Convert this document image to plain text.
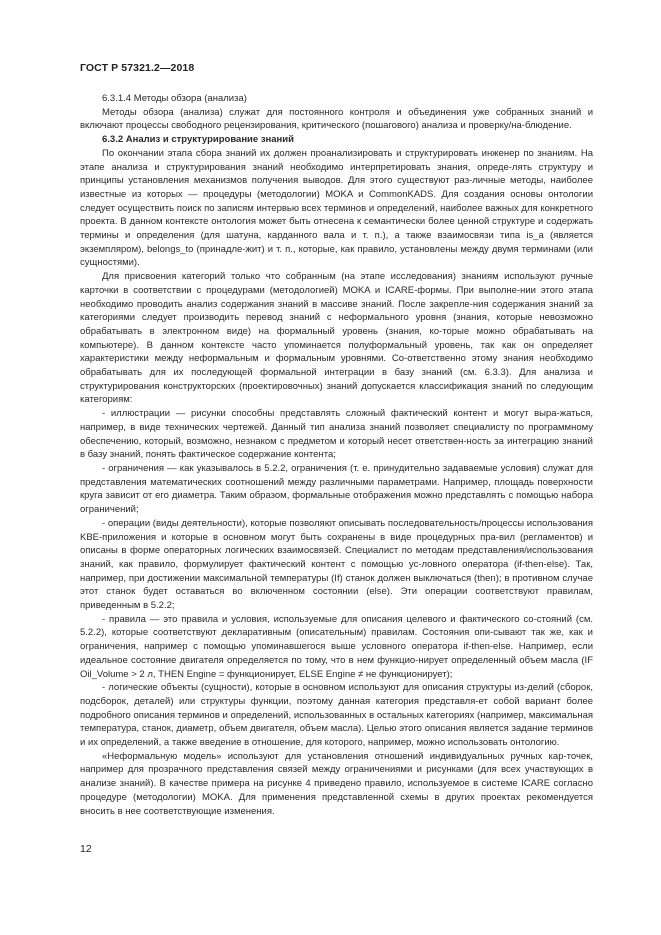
ГОСТ Р 57321.2—2018

6.3.1.4 Методы обзора (анализа)

Методы обзора (анализа) служат для постоянного контроля и объединения уже собранных знаний и включают процессы свободного рецензирования, критического (пошагового) анализа и проверку/на-блюдение.

6.3.2 Анализ и структурирование знаний

По окончании этапа сбора знаний их должен проанализировать и структурировать инженер по знаниям. На этапе анализа и структурирования знаний необходимо интерпретировать знания, опреде-лять структуру и принципы установления механизмов получения выводов. Для этого существуют раз-личные методы, наиболее известные из которых — процедуры (методологии) MOKA и CommonKADS. Для создания основы онтологии следует осуществить поиск по записям интервью всех терминов и определений, наиболее важных для конкретного проекта. В данном контексте онтология может быть отнесена к семантически более ценной структуре и содержать термины и определения (для шатуна, карданного вала и т. п.), а также взаимосвязи типа is_a (является экземпляром), belongs_to (принадле-жит) и т. п., которые, как правило, установлены между двумя терминами (или сущностями).

Для присвоения категорий только что собранным (на этапе исследования) знаниям используют ручные карточки в соответствии с процедурами (методологией) MOKA и ICARE-формы. При выполне-нии этого этапа необходимо проводить анализ содержания знаний в массиве знаний. После закрепле-ния содержания знаний за категориями следует производить перевод знаний с неформального уровня (знания, которые невозможно обрабатывать в электронном виде) на формальный уровень (знания, ко-торые можно обрабатывать на компьютере). В данном контексте часто упоминается полуформальный уровень, так как он определяет характеристики между неформальным и формальным уровнями. Со-ответственно этому знания необходимо обрабатывать для их последующей формальной интеграции в базу знаний (см. 6.3.3). Для анализа и структурирования конструкторских (проектировочных) знаний допускается классификация знаний по следующим категориям:

- иллюстрации — рисунки способны представлять сложный фактический контент и могут выра-жаться, например, в виде технических чертежей. Данный тип анализа знаний позволяет специалисту по программному обеспечению, который, возможно, незнаком с предметом и который несет ответствен-ность за интеграцию знаний в базу знаний, понять фактическое содержание контента;

- ограничения — как указывалось в 5.2.2, ограничения (т. е. принудительно задаваемые условия) служат для представления математических соотношений между различными параметрами. Например, площадь поверхности круга зависит от его диаметра. Таким образом, формальные отображения можно представлять с помощью набора ограничений;

- операции (виды деятельности), которые позволяют описывать последовательность/процессы использования KBE-приложения и которые в основном могут быть сохранены в виде процедурных пра-вил (регламентов) и описаны в форме операторных логических взаимосвязей. Специалист по методам представления/использования знаний, как правило, формулирует фактический контент с помощью ус-ловного оператора (if-then-else). Так, например, при достижении максимальной температуры (If) станок должен выключаться (then); в противном случае этот станок будет оставаться во включенном состоянии (else). Эти операции соответствуют правилам, приведенным в 5.2.2;

- правила — это правила и условия, используемые для описания целевого и фактического со-стояний (см. 5.2.2), которые соответствуют декларативным (описательным) правилам. Состояния опи-сывают так же, как и ограничения, например с помощью упоминавшегося выше условного оператора if-then-else. Например, если идеальное состояние двигателя определяется по тому, что в нем функцио-нирует определенный объем масла (IF Oil_Volume > 2 л, THEN Engine = функционирует, ELSE Engine ≠ не функционирует);

- логические объекты (сущности), которые в основном используют для описания структуры из-делий (сборок, подсборок, деталей) или структуры функции, поэтому данная категория представля-ет собой вариант более подробного описания терминов и определений, использованных в остальных категориях (например, максимальная температура, станок, диаметр, объем двигателя, объем масла). Целью этого описания является задание терминов и их определений, а также введение в отношение, для которого, например, можно использовать онтологию.

«Неформальную модель» используют для установления отношений индивидуальных ручных кар-точек, например для прозрачного представления связей между ограничениями и рисунками (для всех участвующих в анализе знаний). В качестве примера на рисунке 4 приведено правило, используемое в системе ICARE согласно процедуре (методологии) MOKA. Для применения представленной схемы в других проектах рекомендуется вносить в нее соответствующие изменения.

12
